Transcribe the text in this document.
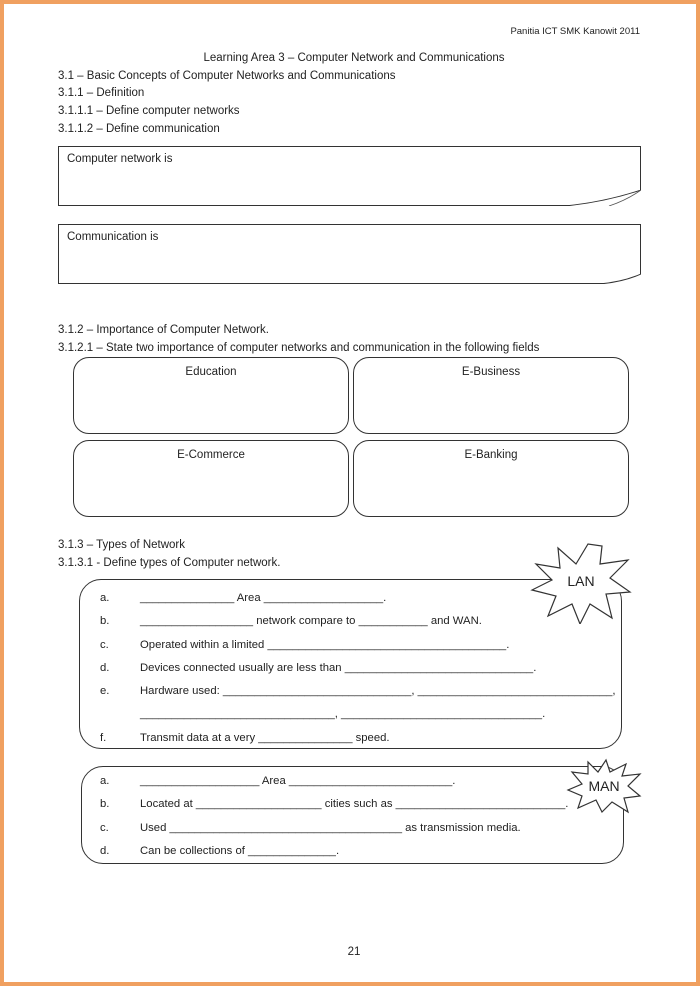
Panitia ICT SMK Kanowit 2011
Learning Area 3 – Computer Network and Communications
3.1 – Basic Concepts of Computer Networks and Communications
3.1.1 – Definition
3.1.1.1 – Define computer networks
3.1.1.2 – Define communication
Computer network is
Communication is
3.1.2 – Importance of Computer Network.
3.1.2.1 – State two importance of computer networks and communication in the following fields
Education	E-Business
E-Commerce	E-Banking
3.1.3 – Types of Network
3.1.3.1 - Define types of Computer network.
a.	_______________ Area ___________________.
b.	__________________ network compare to ___________ and WAN.
c.	Operated within a limited ______________________________________.
d.	Devices connected usually are less than ______________________________.
e.	Hardware used: ______________________________, _______________________________,
_______________________________, ________________________________.
f.	Transmit data at a very _______________ speed.
LAN
a.	___________________ Area __________________________.
b.	Located at ____________________ cities such as ___________________________.
c.	Used _____________________________________ as transmission media.
d.	Can be collections of ______________.
MAN
21
